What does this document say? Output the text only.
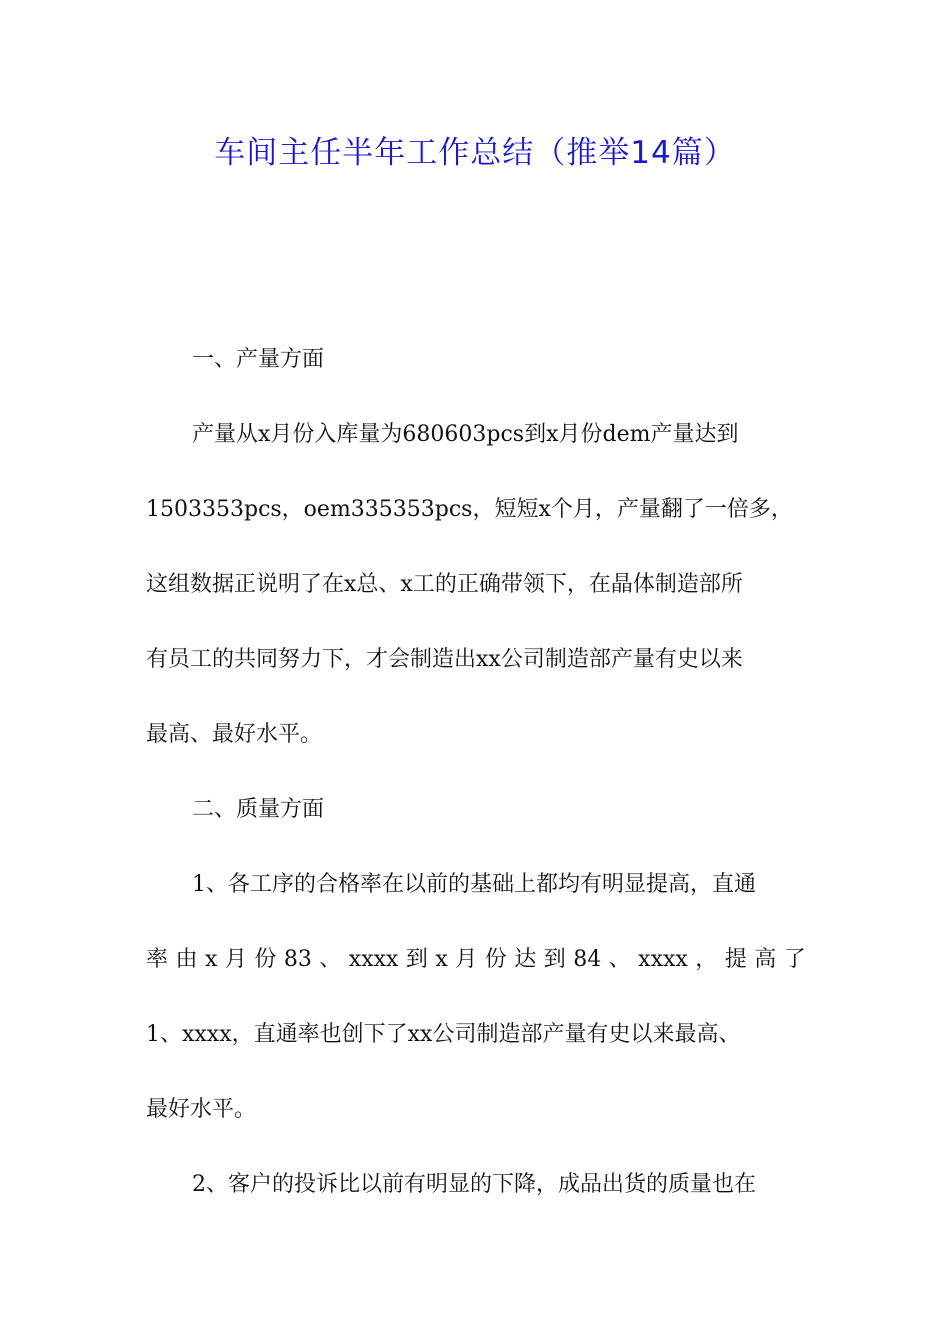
车间主任半年工作总结（推举14篇）
一、产量方面
产量从x月份入库量为680603pcs到x月份dem产量达到
1503353pcs，oem335353pcs，短短x个月，产量翻了一倍多，
这组数据正说明了在x总、x工的正确带领下，在晶体制造部所
有员工的共同努力下，才会制造出xx公司制造部产量有史以来
最高、最好水平。
二、质量方面
1、各工序的合格率在以前的基础上都均有明显提高，直通
率 由 x 月 份 83 、 xxxx 到 x 月 份 达 到 84 、 xxxx ， 提 高 了
1、xxxx，直通率也创下了xx公司制造部产量有史以来最高、
最好水平。
2、客户的投诉比以前有明显的下降，成品出货的质量也在
